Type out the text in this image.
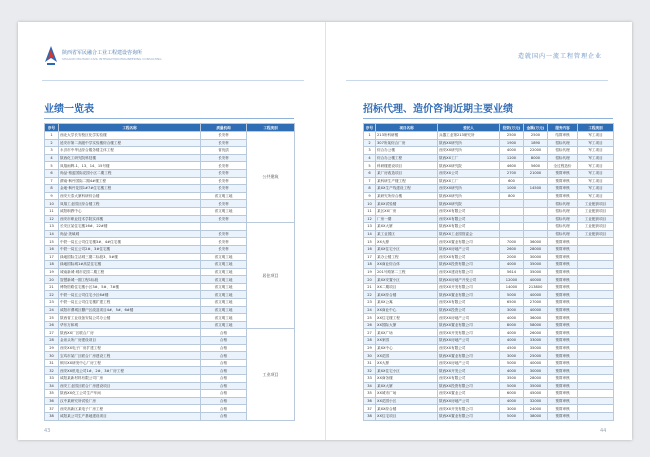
陕西省军民融合工业工程建设咨询所
SHAANXI MILITARY-CIVIL INTEGRATION ENGINEERING CONSULTING	造就国内一流工程管理企业
业绩一览表	招标代理、造价咨询近期主要业绩
序号	工程名称	质量机构	工程类别
1	西北大学长安校区化学实验楼	长安杯	公共建筑
2	延安市第二高级中学实验楼综合楼工程	长安杯	
3	永济市中华达综合服务楼主体工程	省优质	
4	陕西化工研究院科技楼	长安杯	
5	凤翔雨辉-1、13、14、15号楼	长安杯	
6	尚品·格蓝国际花园小区二期工程	长安杯	
7	渭南·枫丹国际二期4#楼工程	长安杯	
8	金地·枫丹花园1#7#住宅楼工程	长安杯	
9	西安天泰大厦科研综合楼	省文明工地	
10	凤翔工业园区综合楼工程	长安杯	
11	咸阳职教中心	省文明工地	
12	西安市职业技术学院实训楼	长安杯	
13	长安区某住宅楼16#、22#楼		居住项目
14	尚品·美域城	长安杯	
15	中铁一局五公司住宅楼3#、4#住宅楼	长安杯	
16	中铁一局五公司2#、3#住宅楼	长安杯	
17	绿地国际生活城三期二标段3、5#楼	省文明工地	
18	绿地国际城1#高层住宅楼	省文明工地	
19	城南新城·城市花园二期工程	省文明工地	
20	智慧新城一期工程1标段	省文明工地	
21	博物馆路住宅楼小区3#、5#、7#楼	省文明工地	
22	中铁一局五公司住宅小区6#楼	省文明工地	
23	中铁一局五公司住宅楼扩建工程	省文明工地	
24	咸阳市渭城区棚户区改造项目4#、5#、6#楼	省文明工地	
25	陕西省工业设备安装公司办公楼	省文明工地	
26	华东万和城	省文明工地	
27	陕西XX厂区联合厂房	合格	工业项目
28	金泉头所厂房建设项目	合格	
29	西安XX电子厂房扩建工程	合格	
30	宝鸡市某厂区联合厂房建设工程	合格	
31	铜川XX研发中心厂房工程	合格	
32	西安XX机电公司1#、2#、3#厂房工程	合格	
33	咸阳某新材料有限公司厂房	合格	
34	西安工业园区联合厂房建设项目	合格	
35	陕西XX化工公司生产车间	合格	
36	汉中某研究所试验厂房	合格	
37	西安高新区某电子厂房工程	合格	
38	咸阳某公司生产基地建设项目	合格	
序号	项目名称	委托人	投资(万元)	金额(万元)	服务内容	工程类别
1	213所科研楼	兵器工业第213研究所	2500	2500	结算审核	军工项目
2	307所某综合厂房	陕西XX研究所	1900	1890	招标代理	军工项目
3	综合办公楼	西安XX研究所	4000	22000	招标代理	军工项目
4	综合办公楼工程	陕西XX工厂	1200	8000	招标代理	军工项目
5	科研楼建设项目	陕西XX研究院	4600	5600	全过程造价	军工项目
6	某厂房改造项目	西安XX公司	2700	21000	预算审核	军工项目
7	某科研生产楼工程	陕西XX工厂	600		预算审核	军工项目
8	某XX生产线建设工程	西安XX研究所	1000	14500	预算审核	军工项目
9	某研究所综合楼	陕西XX研究所	800		预算审核	军工项目
10	某XX试验楼	陕西XX研究院			招标代理	工业配套项目
11	某区XX厂房	西安XX有限公司			招标代理	工业配套项目
12	厂房一期	西安XX有限公司			招标代理	工业配套项目
13	某XX大厦	陕西XX有限公司			招标代理	工业配套项目
14	某工业园区	陕西XX工业园管委会			招标代理	工业配套项目
15	XX大厦	西安XX置业有限公司	7000	36000	预算审核	
16	某XX住宅小区	陕西XX房地产公司	2600	28000	预算审核	
17	某办公楼工程	西安XX有限公司	2000	30000	预算审核	
18	XX商业综合体	陕西XX投资有限公司	4000	35000	预算审核	
19	201号路第二工程	西安XX建设有限公司	5614	35000	预算审核	
20	某XX安置小区	陕西XX房地产开发公司	12000	40000	预算审核	
21	XX二期项目	西安XX开发有限公司	14000	213800	预算审核	
22	某XX综合楼	陕西XX置业有限公司	5000	40000	预算审核	
23	某XX公寓	西安XX有限公司	6500	27000	预算审核	
24	XX商业中心	陕西XX投资公司	3000	40000	预算审核	
25	XX住宅楼工程	西安XX房地产公司	4000	36000	预算审核	
26	XX国际大厦	陕西XX置业有限公司	8000	58000	预算审核	
27	某XX广场	西安XX开发有限公司	4000	26000	预算审核	
28	XX家园	陕西XX房地产公司	4000	33000	预算审核	
29	某XX中心	西安XX有限公司	4500	35000	预算审核	
30	XX花园	陕西XX置业有限公司	3000	25000	预算审核	
31	XX大厦	西安XX房地产公司	5000	40000	预算审核	
32	某XX住宅小区	陕西XX开发公司	4000	30000	预算审核	
33	XX商务楼	西安XX有限公司	3500	28000	预算审核	
34	某XX大厦	陕西XX投资有限公司	5000	35000	预算审核	
35	XX城市广场	西安XX置业公司	6000	45000	预算审核	
36	XX花园小区	陕西XX房地产公司	4000	32000	预算审核	
37	某XX综合楼	西安XX开发有限公司	3000	24000	预算审核	
38	XX住宅项目	陕西XX置业有限公司	5000	38000	预算审核	
43	44
